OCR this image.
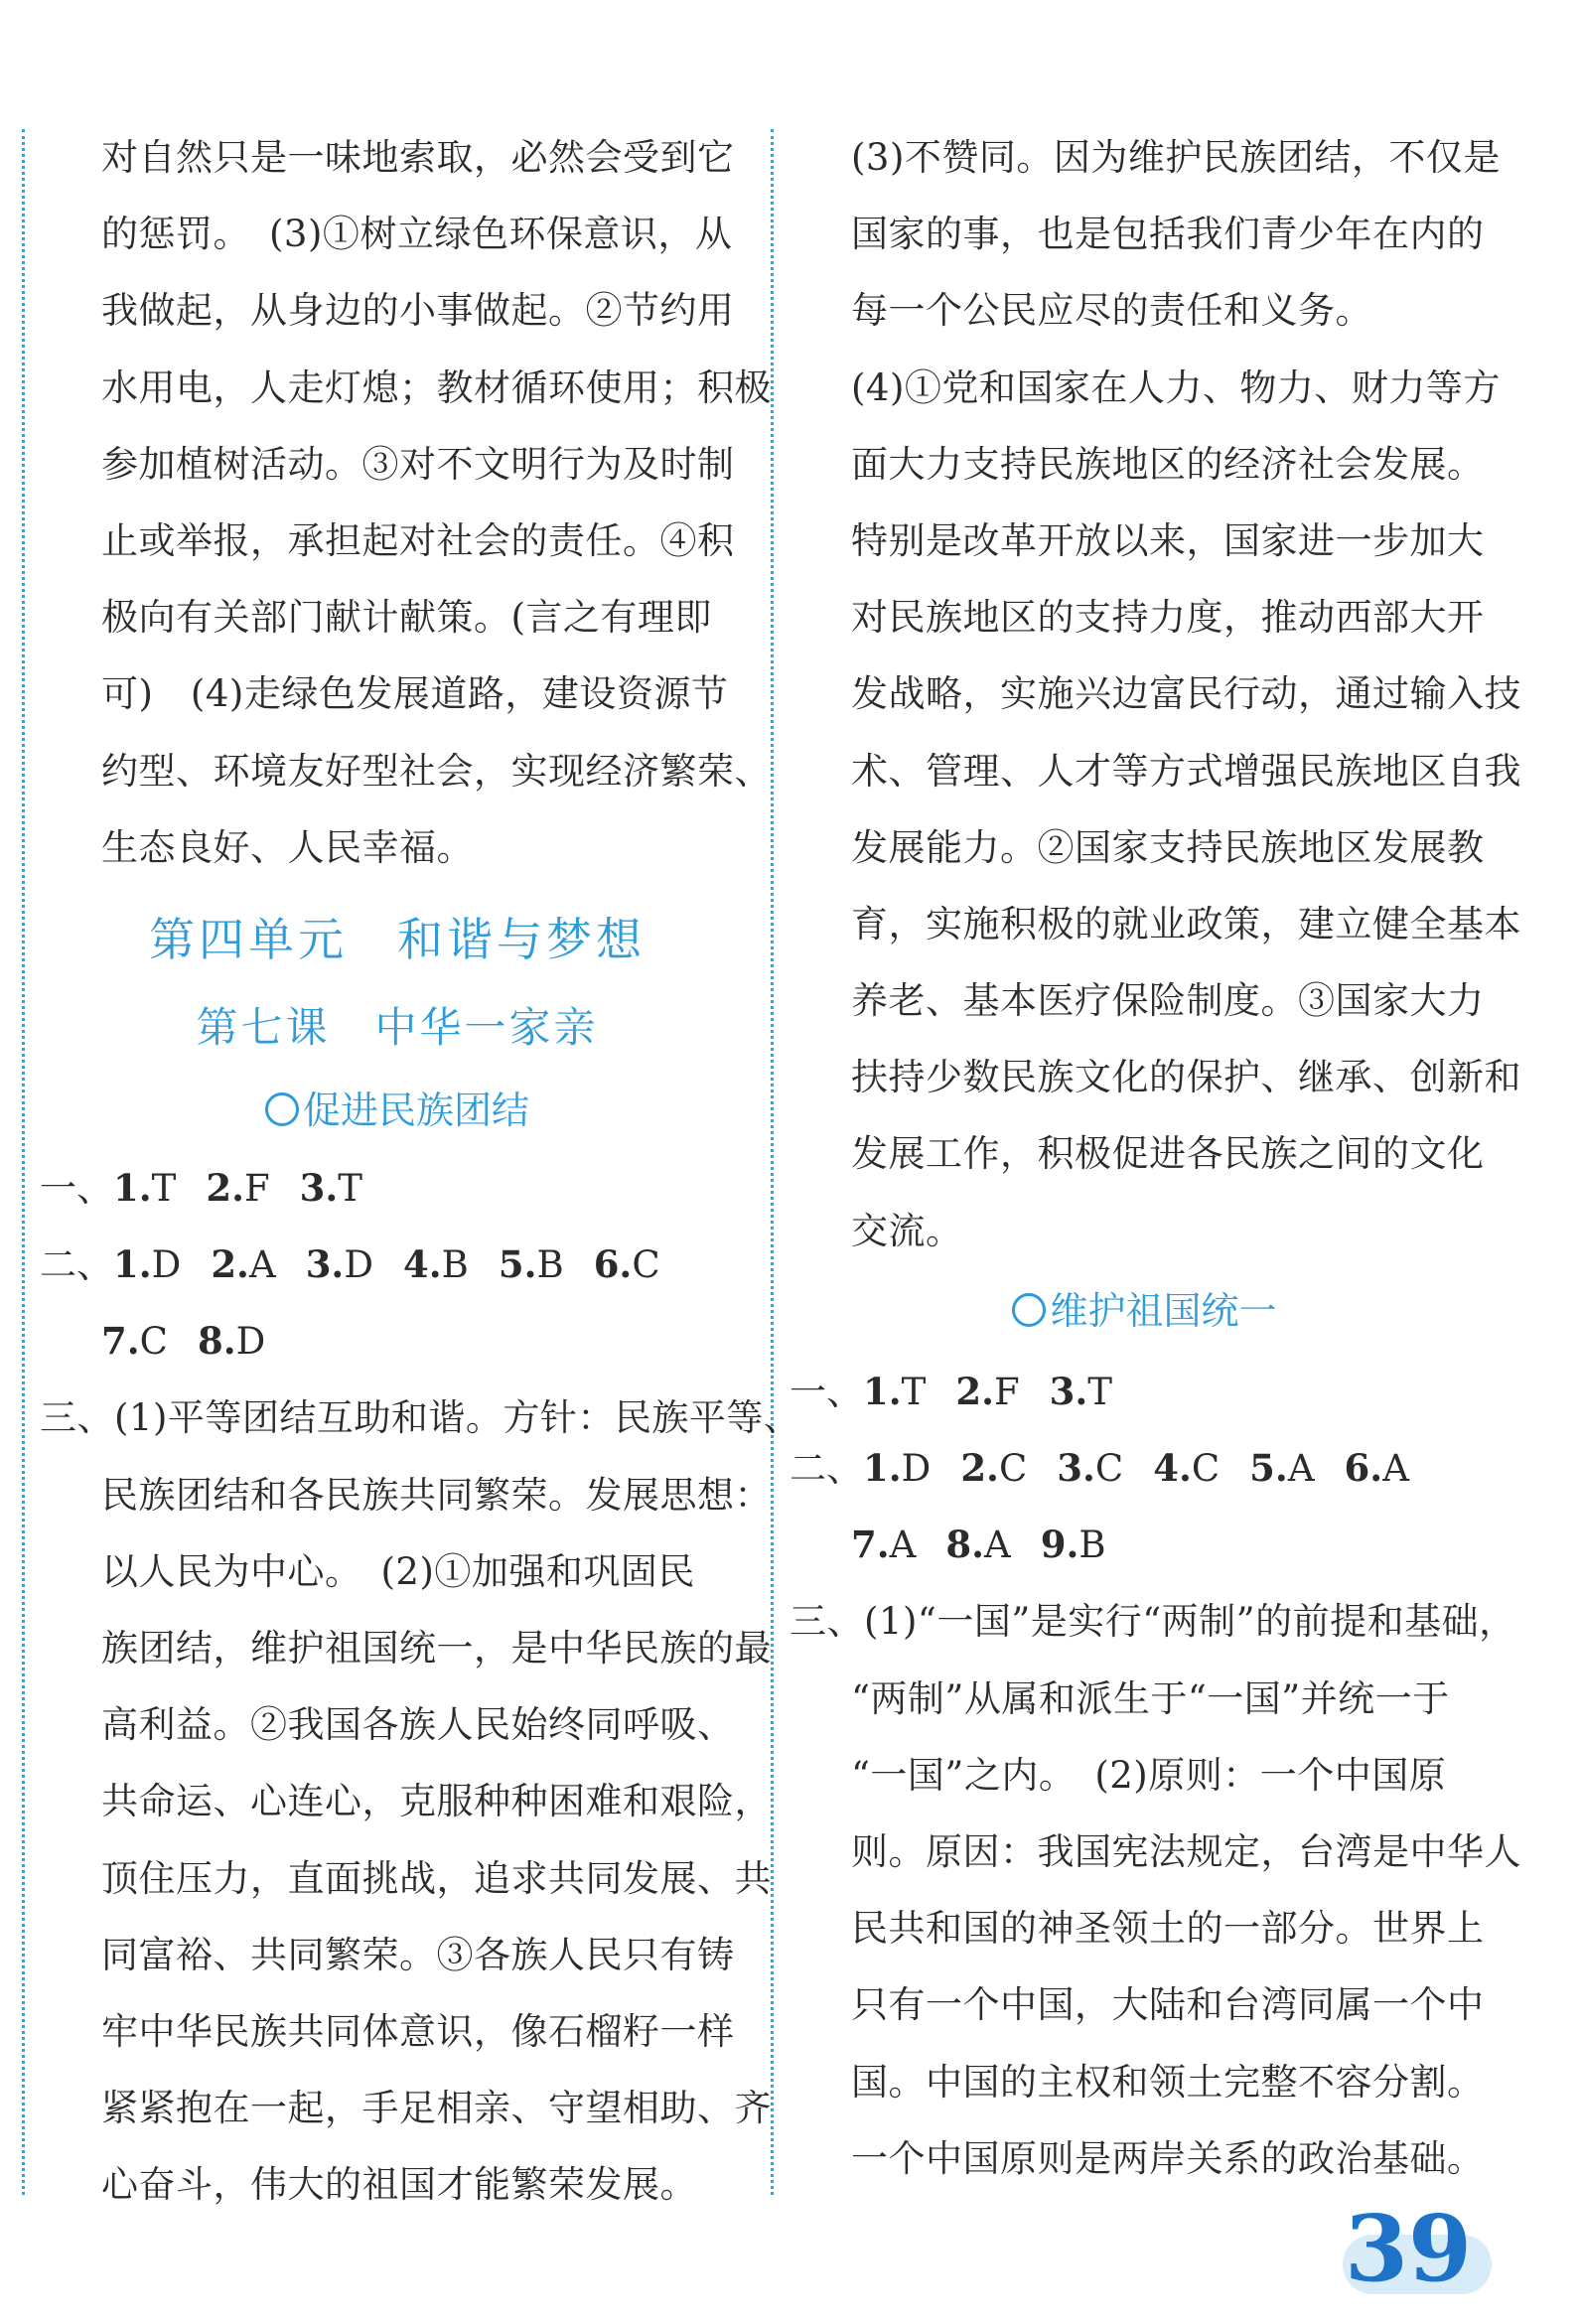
对自然只是一味地索取，必然会受到它
的惩罚。　(3)①树立绿色环保意识，从
我做起，从身边的小事做起。②节约用
水用电，人走灯熄；教材循环使用；积极
参加植树活动。③对不文明行为及时制
止或举报，承担起对社会的责任。④积
极向有关部门献计献策。(言之有理即
可)　(4)走绿色发展道路，建设资源节
约型、环境友好型社会，实现经济繁荣、
生态良好、人民幸福。
第四单元　和谐与梦想
第七课　中华一家亲
促进民族团结
一、1.T 2.F 3.T
二、1.D 2.A 3.D 4.B 5.B 6.C
7.C 8.D
三、(1)平等团结互助和谐。方针：民族平等、
民族团结和各民族共同繁荣。发展思想：
以人民为中心。　(2)①加强和巩固民
族团结，维护祖国统一，是中华民族的最
高利益。②我国各族人民始终同呼吸、
共命运、心连心，克服种种困难和艰险，
顶住压力，直面挑战，追求共同发展、共
同富裕、共同繁荣。③各族人民只有铸
牢中华民族共同体意识，像石榴籽一样
紧紧抱在一起，手足相亲、守望相助、齐
心奋斗，伟大的祖国才能繁荣发展。
(3)不赞同。因为维护民族团结，不仅是
国家的事，也是包括我们青少年在内的
每一个公民应尽的责任和义务。
(4)①党和国家在人力、物力、财力等方
面大力支持民族地区的经济社会发展。
特别是改革开放以来，国家进一步加大
对民族地区的支持力度，推动西部大开
发战略，实施兴边富民行动，通过输入技
术、管理、人才等方式增强民族地区自我
发展能力。②国家支持民族地区发展教
育，实施积极的就业政策，建立健全基本
养老、基本医疗保险制度。③国家大力
扶持少数民族文化的保护、继承、创新和
发展工作，积极促进各民族之间的文化
交流。
维护祖国统一
一、1.T 2.F 3.T
二、1.D 2.C 3.C 4.C 5.A 6.A
7.A 8.A 9.B
三、(1)“一国”是实行“两制”的前提和基础，
“两制”从属和派生于“一国”并统一于
“一国”之内。　(2)原则：一个中国原
则。原因：我国宪法规定，台湾是中华人
民共和国的神圣领土的一部分。世界上
只有一个中国，大陆和台湾同属一个中
国。中国的主权和领土完整不容分割。
一个中国原则是两岸关系的政治基础。
39
